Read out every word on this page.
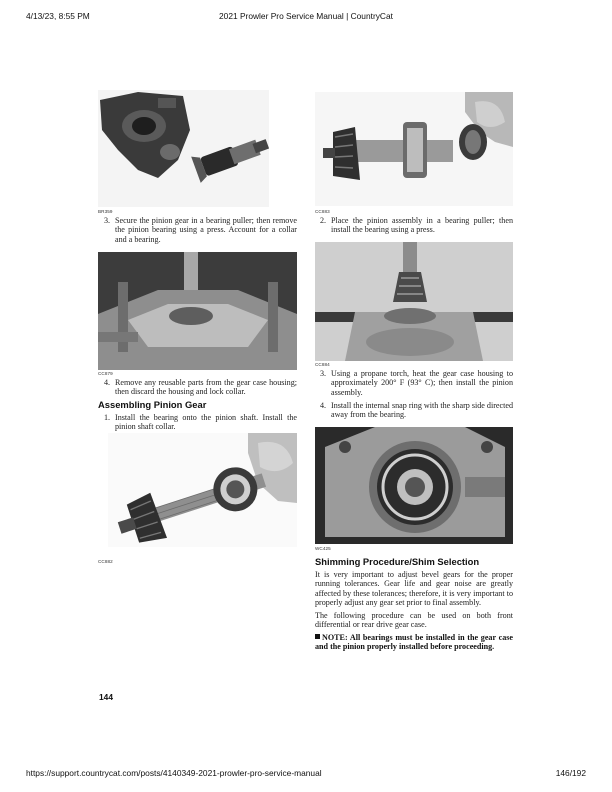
4/13/23, 8:55 PM	2021 Prowler Pro Service Manual | CountryCat
BR359	CC883
3. Secure the pinion gear in a bearing puller; then remove the pinion bearing using a press. Account for a collar and a bearing.
2. Place the pinion assembly in a bearing puller; then install the bearing using a press.
CC879
CC884
4. Remove any reusable parts from the gear case housing; then discard the housing and lock collar.
3. Using a propane torch, heat the gear case housing to approximately 200° F (93° C); then install the pinion assembly.
Assembling Pinion Gear	4. Install the internal snap ring with the sharp side directed away from the bearing.
1. Install the bearing onto the pinion shaft. Install the pinion shaft collar.
WC425
CC882	Shimming Procedure/Shim Selection
It is very important to adjust bevel gears for the proper running tolerances. Gear life and gear noise are greatly affected by these tolerances; therefore, it is very important to properly adjust any gear set prior to final assembly.
The following procedure can be used on both front differential or rear drive gear case.
NOTE: All bearings must be installed in the gear case and the pinion properly installed before proceeding.
144
https://support.countrycat.com/posts/4140349-2021-prowler-pro-service-manual	146/192
